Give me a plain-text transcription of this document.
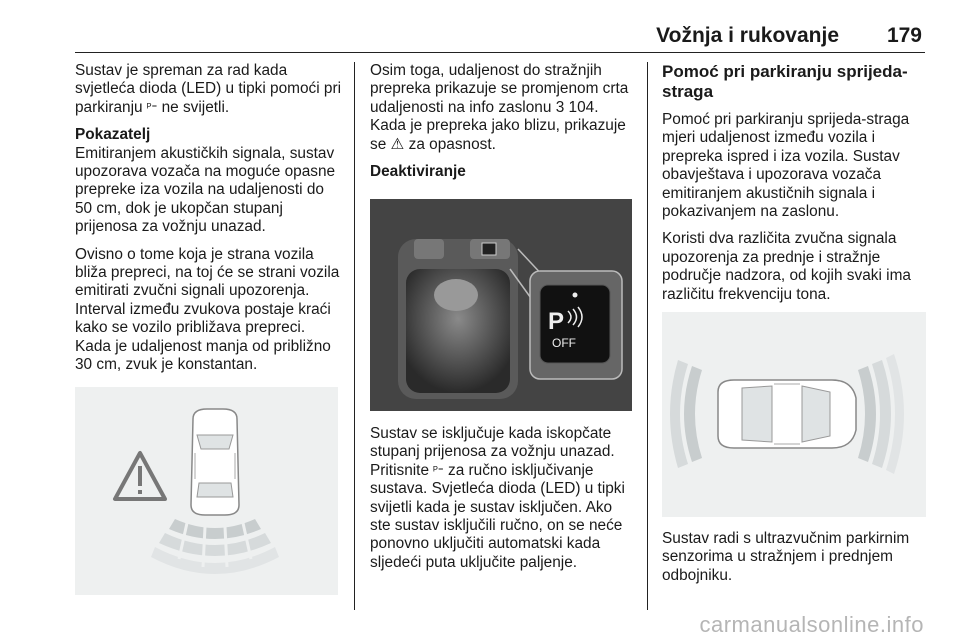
Vožnja i rukovanje 179

Sustav je spreman za rad kada svjetleća dioda (LED) u tipki pomoći pri parkiranju ᴾ⁼ ne svijetli.

Pokazatelj

Emitiranjem akustičkih signala, sustav upozorava vozača na moguće opasne prepreke iza vozila na udaljenosti do 50 cm, dok je ukopčan stupanj prijenosa za vožnju unazad.

Ovisno o tome koja je strana vozila bliža prepreci, na toj će se strani vozila emitirati zvučni signali upozorenja. Interval između zvukova postaje kraći kako se vozilo približava prepreci. Kada je udaljenost manja od približno 30 cm, zvuk je konstantan.

Osim toga, udaljenost do stražnjih prepreka prikazuje se promjenom crta udaljenosti na info zaslonu 3 104. Kada je prepreka jako blizu, prikazuje se ⚠ za opasnost.

Deaktiviranje

P
OFF
Sustav se isključuje kada iskopčate stupanj prijenosa za vožnju unazad. Pritisnite ᴾ⁼ za ručno isključivanje sustava. Svjetleća dioda (LED) u tipki svijetli kada je sustav isključen. Ako ste sustav isključili ručno, on se neće ponovno uključiti automatski kada sljedeći puta uključite paljenje.

Pomoć pri parkiranju sprijeda-straga

Pomoć pri parkiranju sprijeda-straga mjeri udaljenost između vozila i prepreka ispred i iza vozila. Sustav obavještava i upozorava vozača emitiranjem akustičnih signala i pokazivanjem na zaslonu.

Koristi dva različita zvučna signala upozorenja za prednje i stražnje područje nadzora, od kojih svaki ima različitu frekvenciju tona.

Sustav radi s ultrazvučnim parkirnim senzorima u stražnjem i prednjem odbojniku.
carmanualsonline.info
